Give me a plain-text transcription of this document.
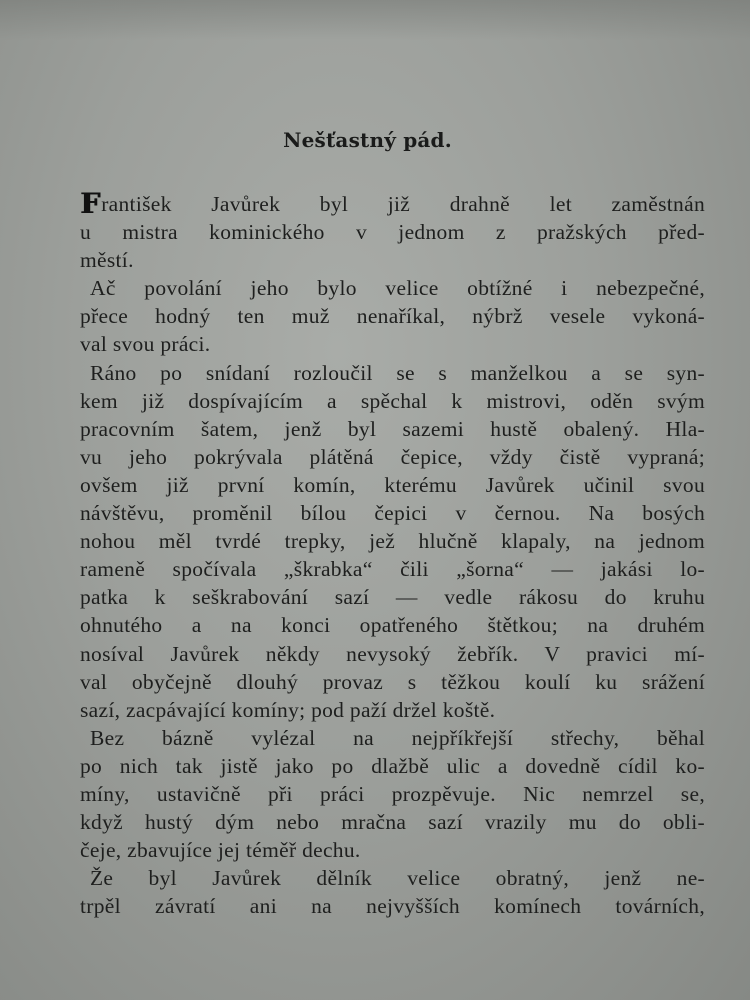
Nešťastný pád.
František Javůrek byl již drahně let zaměstnán
u mistra kominického v jednom z pražských před-
městí.
Ač povolání jeho bylo velice obtížné i nebezpečné,
přece hodný ten muž nenaříkal, nýbrž vesele vykoná-
val svou práci.
Ráno po snídaní rozloučil se s manželkou a se syn-
kem již dospívajícím a spěchal k mistrovi, oděn svým
pracovním šatem, jenž byl sazemi hustě obalený. Hla-
vu jeho pokrývala plátěná čepice, vždy čistě vypraná;
ovšem již první komín, kterému Javůrek učinil svou
návštěvu, proměnil bílou čepici v černou. Na bosých
nohou měl tvrdé trepky, jež hlučně klapaly, na jednom
rameně spočívala „škrabka“ čili „šorna“ — jakási lo-
patka k seškrabování sazí — vedle rákosu do kruhu
ohnutého a na konci opatřeného štětkou; na druhém
nosíval Javůrek někdy nevysoký žebřík. V pravici mí-
val obyčejně dlouhý provaz s těžkou koulí ku srážení
sazí, zacpávající komíny; pod paží držel koště.
Bez bázně vylézal na nejpříkřejší střechy, běhal
po nich tak jistě jako po dlažbě ulic a dovedně cídil ko-
míny, ustavičně při práci prozpěvuje. Nic nemrzel se,
když hustý dým nebo mračna sazí vrazily mu do obli-
čeje, zbavujíce jej téměř dechu.
Že byl Javůrek dělník velice obratný, jenž ne-
trpěl závratí ani na nejvyšších komínech továrních,
